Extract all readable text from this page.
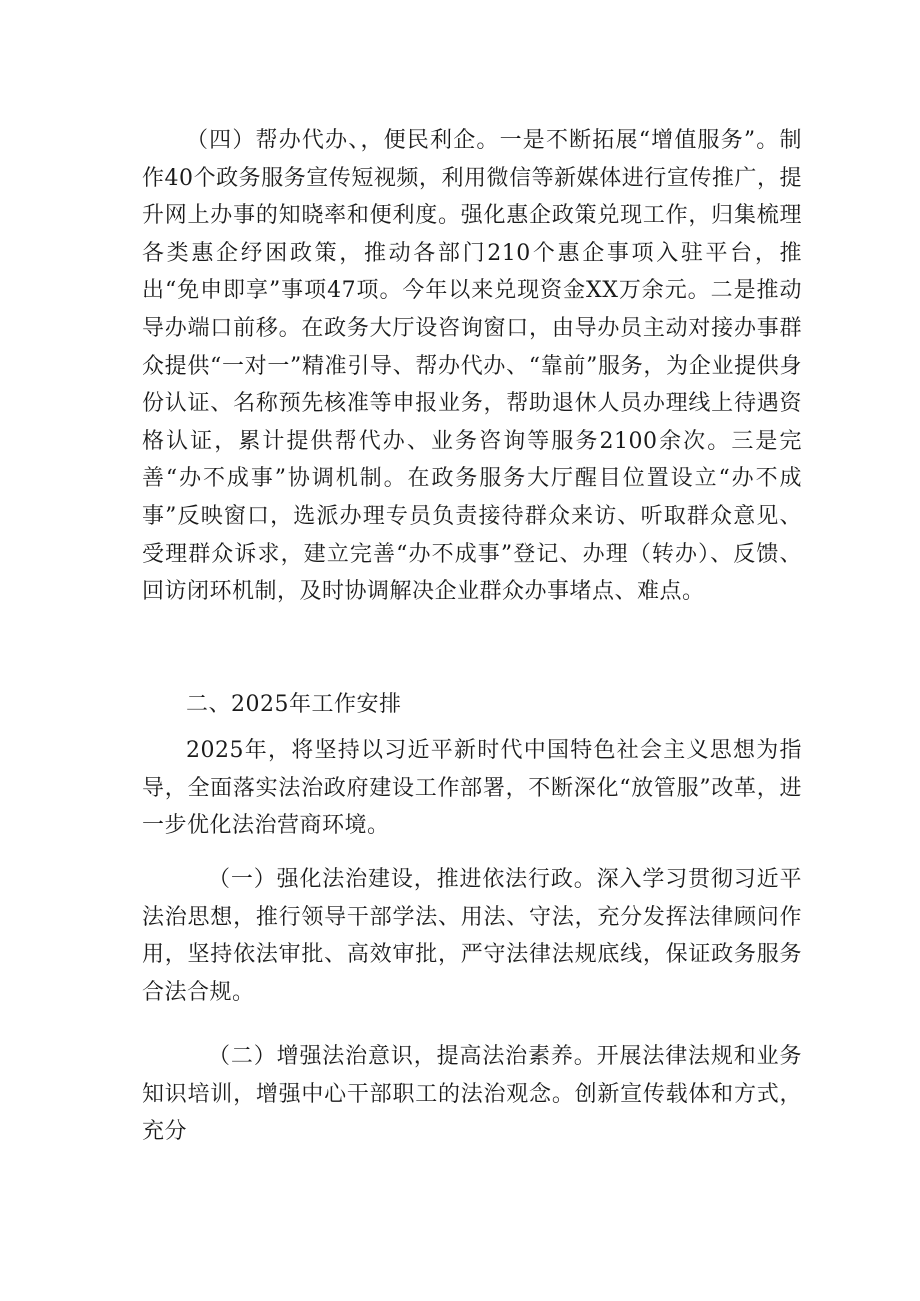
（四）帮办代办、，便民利企。一是不断拓展“增值服务”。制作40个政务服务宣传短视频，利用微信等新媒体进行宣传推广，提升网上办事的知晓率和便利度。强化惠企政策兑现工作，归集梳理各类惠企纾困政策，推动各部门210个惠企事项入驻平台，推出“免申即享”事项47项。今年以来兑现资金XX万余元。二是推动导办端口前移。在政务大厅设咨询窗口，由导办员主动对接办事群众提供“一对一”精准引导、帮办代办、“靠前”服务，为企业提供身份认证、名称预先核准等申报业务，帮助退休人员办理线上待遇资格认证，累计提供帮代办、业务咨询等服务2100余次。三是完善“办不成事”协调机制。在政务服务大厅醒目位置设立“办不成事”反映窗口，选派办理专员负责接待群众来访、听取群众意见、受理群众诉求，建立完善“办不成事”登记、办理（转办）、反馈、回访闭环机制，及时协调解决企业群众办事堵点、难点。

二、2025年工作安排

2025年，将坚持以习近平新时代中国特色社会主义思想为指导，全面落实法治政府建设工作部署，不断深化“放管服”改革，进一步优化法治营商环境。

（一）强化法治建设，推进依法行政。深入学习贯彻习近平法治思想，推行领导干部学法、用法、守法，充分发挥法律顾问作用，坚持依法审批、高效审批，严守法律法规底线，保证政务服务合法合规。

（二）增强法治意识，提高法治素养。开展法律法规和业务知识培训，增强中心干部职工的法治观念。创新宣传载体和方式，充分
